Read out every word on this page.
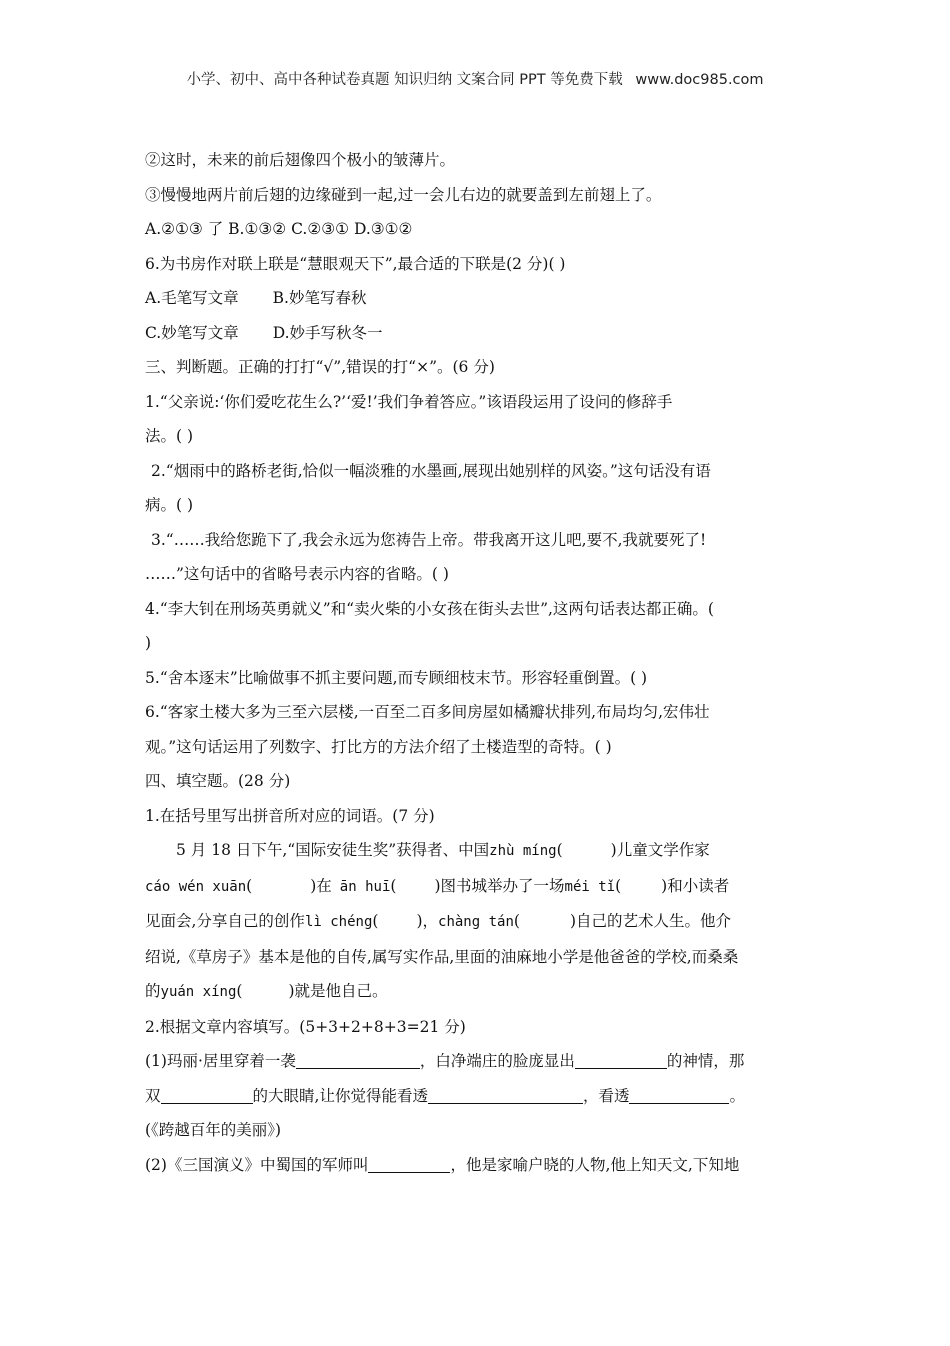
小学、初中、高中各种试卷真题 知识归纳 文案合同 PPT 等免费下载 www.doc985.com
②这时，未来的前后翅像四个极小的皱薄片。
③慢慢地两片前后翅的边缘碰到一起,过一会儿右边的就要盖到左前翅上了。
A.②①③ 了 B.①③② C.②③① D.③①②
6.为书房作对联上联是“慧眼观天下”,最合适的下联是(2 分)( )
A.毛笔写文章 B.妙笔写春秋
C.妙笔写文章 D.妙手写秋冬一
三、判断题。正确的打打“√”,错误的打“×”。(6 分)
1.“父亲说:‘你们爱吃花生么?’‘爱!’我们争着答应。”该语段运用了设问的修辞手
法。( )
2.“烟雨中的路桥老街,恰似一幅淡雅的水墨画,展现出她别样的风姿。”这句话没有语
病。( )
3.“……我给您跪下了,我会永远为您祷告上帝。带我离开这儿吧,要不,我就要死了!
……”这句话中的省略号表示内容的省略。( )
4.“李大钊在刑场英勇就义”和“卖火柴的小女孩在街头去世”,这两句话表达都正确。(
)
5.“舍本逐末”比喻做事不抓主要问题,而专顾细枝末节。形容轻重倒置。( )
6.“客家土楼大多为三至六层楼,一百至二百多间房屋如橘瓣状排列,布局均匀,宏伟壮
观。”这句话运用了列数字、打比方的方法介绍了土楼造型的奇特。( )
四、填空题。(28 分)
1.在括号里写出拼音所对应的词语。(7 分)
5 月 18 日下午,“国际安徒生奖”获得者、中国zhù míng(	)儿童文学作家
cáo wén xuān(	)在 ān huī( )图书城举办了一场méi tǐ(	)和小读者
见面会,分享自己的创作lì chéng( )，chàng tán(	)自己的艺术人生。他介
绍说,《草房子》基本是他的自传,属写实作品,里面的油麻地小学是他爸爸的学校,而桑桑
的yuán xíng(	)就是他自己。
2.根据文章内容填写。(5+3+2+8+3=21 分)
(1)玛丽·居里穿着一袭	，白净端庄的脸庞显出	的神情，那
双	的大眼睛,让你觉得能看透	，看透	。
(《跨越百年的美丽》)
(2)《三国演义》中蜀国的军师叫	，他是家喻户晓的人物,他上知天文,下知地
